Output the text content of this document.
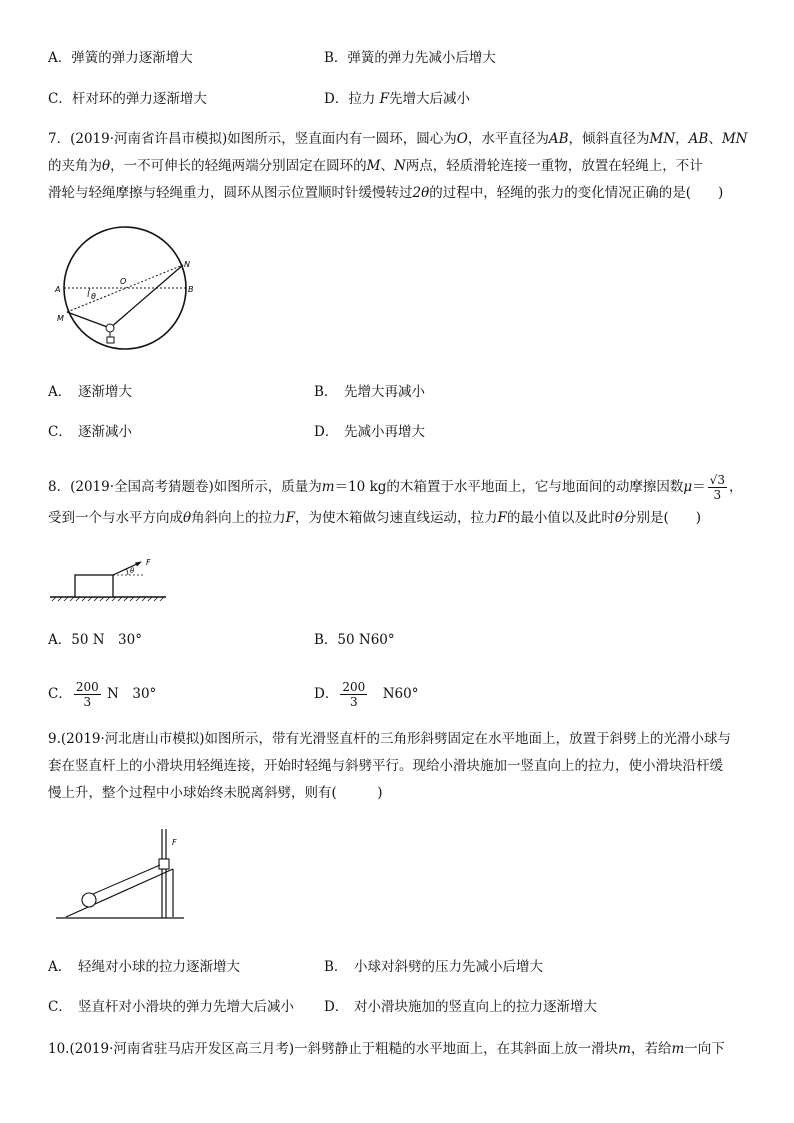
A．弹簧的弹力逐渐增大	B．弹簧的弹力先减小后增大
C．杆对环的弹力逐渐增大	D．拉力 F先增大后减小
7．(2019·河南省许昌市模拟)如图所示，竖直面内有一圆环，圆心为O，水平直径为AB，倾斜直径为MN，AB、MN
的夹角为θ，一不可伸长的轻绳两端分别固定在圆环的M、N两点，轻质滑轮连接一重物，放置在轻绳上，不计
滑轮与轻绳摩擦与轻绳重力，圆环从图示位置顺时针缓慢转过2θ的过程中，轻绳的张力的变化情况正确的是(　　)
A	B
O
M
N
θ
A． 逐渐增大	B． 先增大再减小
C． 逐渐减小	D． 先减小再增大
8．(2019·全国高考猜题卷)如图所示，质量为m＝10 kg的木箱置于水平地面上，它与地面间的动摩擦因数$\mu= \frac{√3}{3}$ ，
受到一个与水平方向成θ角斜向上的拉力F，为使木箱做匀速直线运动，拉力F的最小值以及此时θ分别是(　　)
θ
F
A．50 N　30°	B．50 N60°
C． $\frac{200}{3}$ N　30°	D． $\frac{200}{3}$ 　N60°
9.(2019·河北唐山市模拟)如图所示，带有光滑竖直杆的三角形斜劈固定在水平地面上，放置于斜劈上的光滑小球与
套在竖直杆上的小滑块用轻绳连接，开始时轻绳与斜劈平行。现给小滑块施加一竖直向上的拉力，使小滑块沿杆缓
慢上升，整个过程中小球始终未脱离斜劈，则有(　　　)
F
A． 轻绳对小球的拉力逐渐增大	B． 小球对斜劈的压力先减小后增大
C． 竖直杆对小滑块的弹力先增大后减小 D． 对小滑块施加的竖直向上的拉力逐渐增大
10.(2019·河南省驻马店开发区高三月考)一斜劈静止于粗糙的水平地面上，在其斜面上放一滑块m，若给m一向下
